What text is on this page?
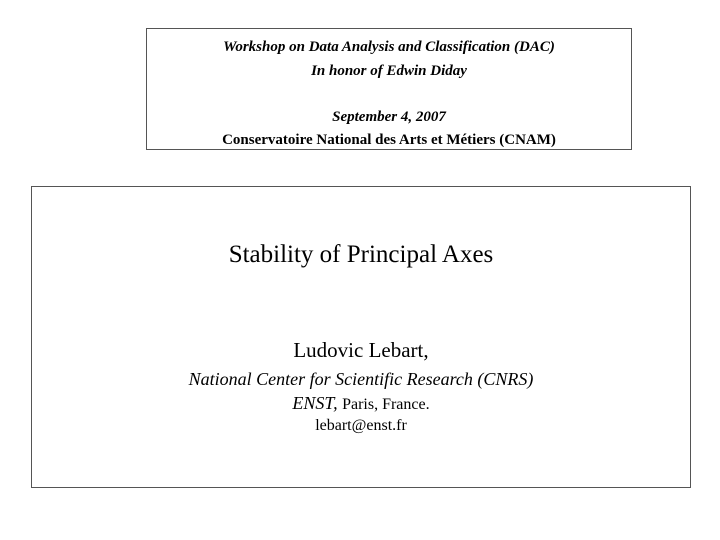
Workshop on Data Analysis and Classification (DAC)
In honor of Edwin Diday
September 4, 2007
Conservatoire National des Arts et Métiers (CNAM)
Stability of Principal Axes
Ludovic Lebart,
National Center for Scientific Research (CNRS)
ENST, Paris, France.
lebart@enst.fr
